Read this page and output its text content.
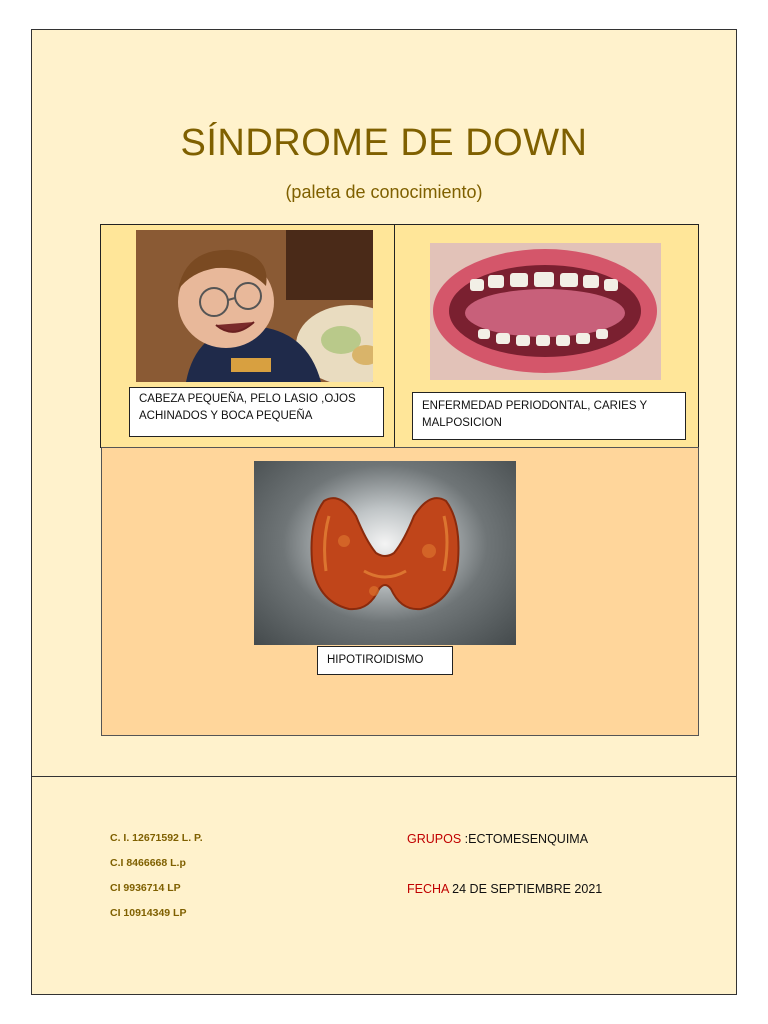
SÍNDROME DE DOWN
(paleta de conocimiento)
CABEZA PEQUEÑA, PELO LASIO ,OJOS
ACHINADOS Y BOCA PEQUEÑA
ENFERMEDAD PERIODONTAL, CARIES Y
MALPOSICION
HIPOTIROIDISMO
C. I. 12671592 L. P.
C.I 8466668 L.p
CI 9936714 LP
CI 10914349 LP
GRUPOS :ECTOMESENQUIMA
FECHA 24 DE SEPTIEMBRE 2021
